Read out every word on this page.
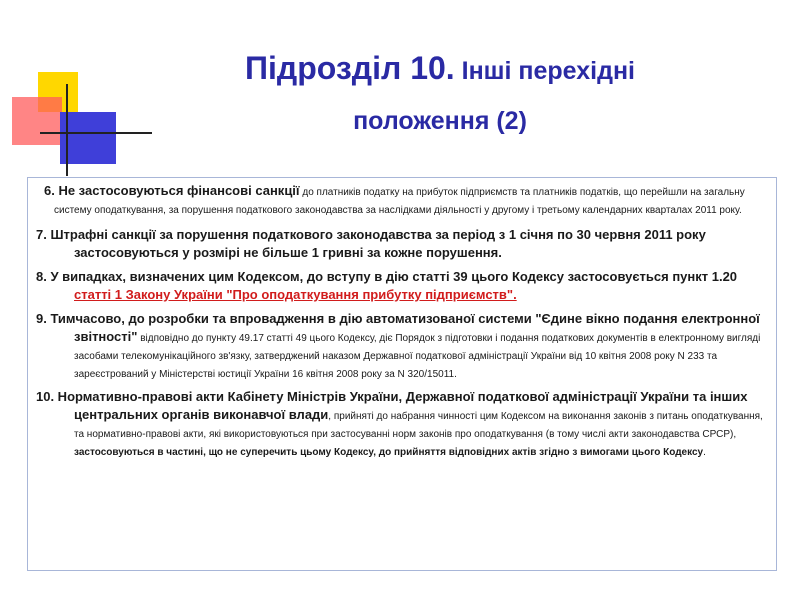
Підрозділ 10. Інші перехідні
положення (2)
6. Не застосовуються фінансові санкції до платників податку на прибуток підприємств та платників податків, що перейшли на загальну систему оподаткування, за порушення податкового законодавства за наслідками діяльності у другому і третьому календарних кварталах 2011 року.
7. Штрафні санкції за порушення податкового законодавства за період з 1 січня по 30 червня 2011 року застосовуються у розмірі не більше 1 гривні за кожне порушення.
8. У випадках, визначених цим Кодексом, до вступу в дію статті 39 цього Кодексу застосовується пункт 1.20 статті 1 Закону України "Про оподаткування прибутку підприємств".
9. Тимчасово, до розробки та впровадження в дію автоматизованої системи "Єдине вікно подання електронної звітності" відповідно до пункту 49.17 статті 49 цього Кодексу, діє Порядок з підготовки і подання податкових документів в електронному вигляді засобами телекомунікаційного зв'язку, затверджений наказом Державної податкової адміністрації України від 10 квітня 2008 року N 233 та зареєстрований у Міністерстві юстиції України 16 квітня 2008 року за N 320/15011.
10. Нормативно-правові акти Кабінету Міністрів України, Державної податкової адміністрації України та інших центральних органів виконавчої влади, прийняті до набрання чинності цим Кодексом на виконання законів з питань оподаткування, та нормативно-правові акти, які використовуються при застосуванні норм законів про оподаткування (в тому числі акти законодавства СРСР), застосовуються в частині, що не суперечить цьому Кодексу, до прийняття відповідних актів згідно з вимогами цього Кодексу.
